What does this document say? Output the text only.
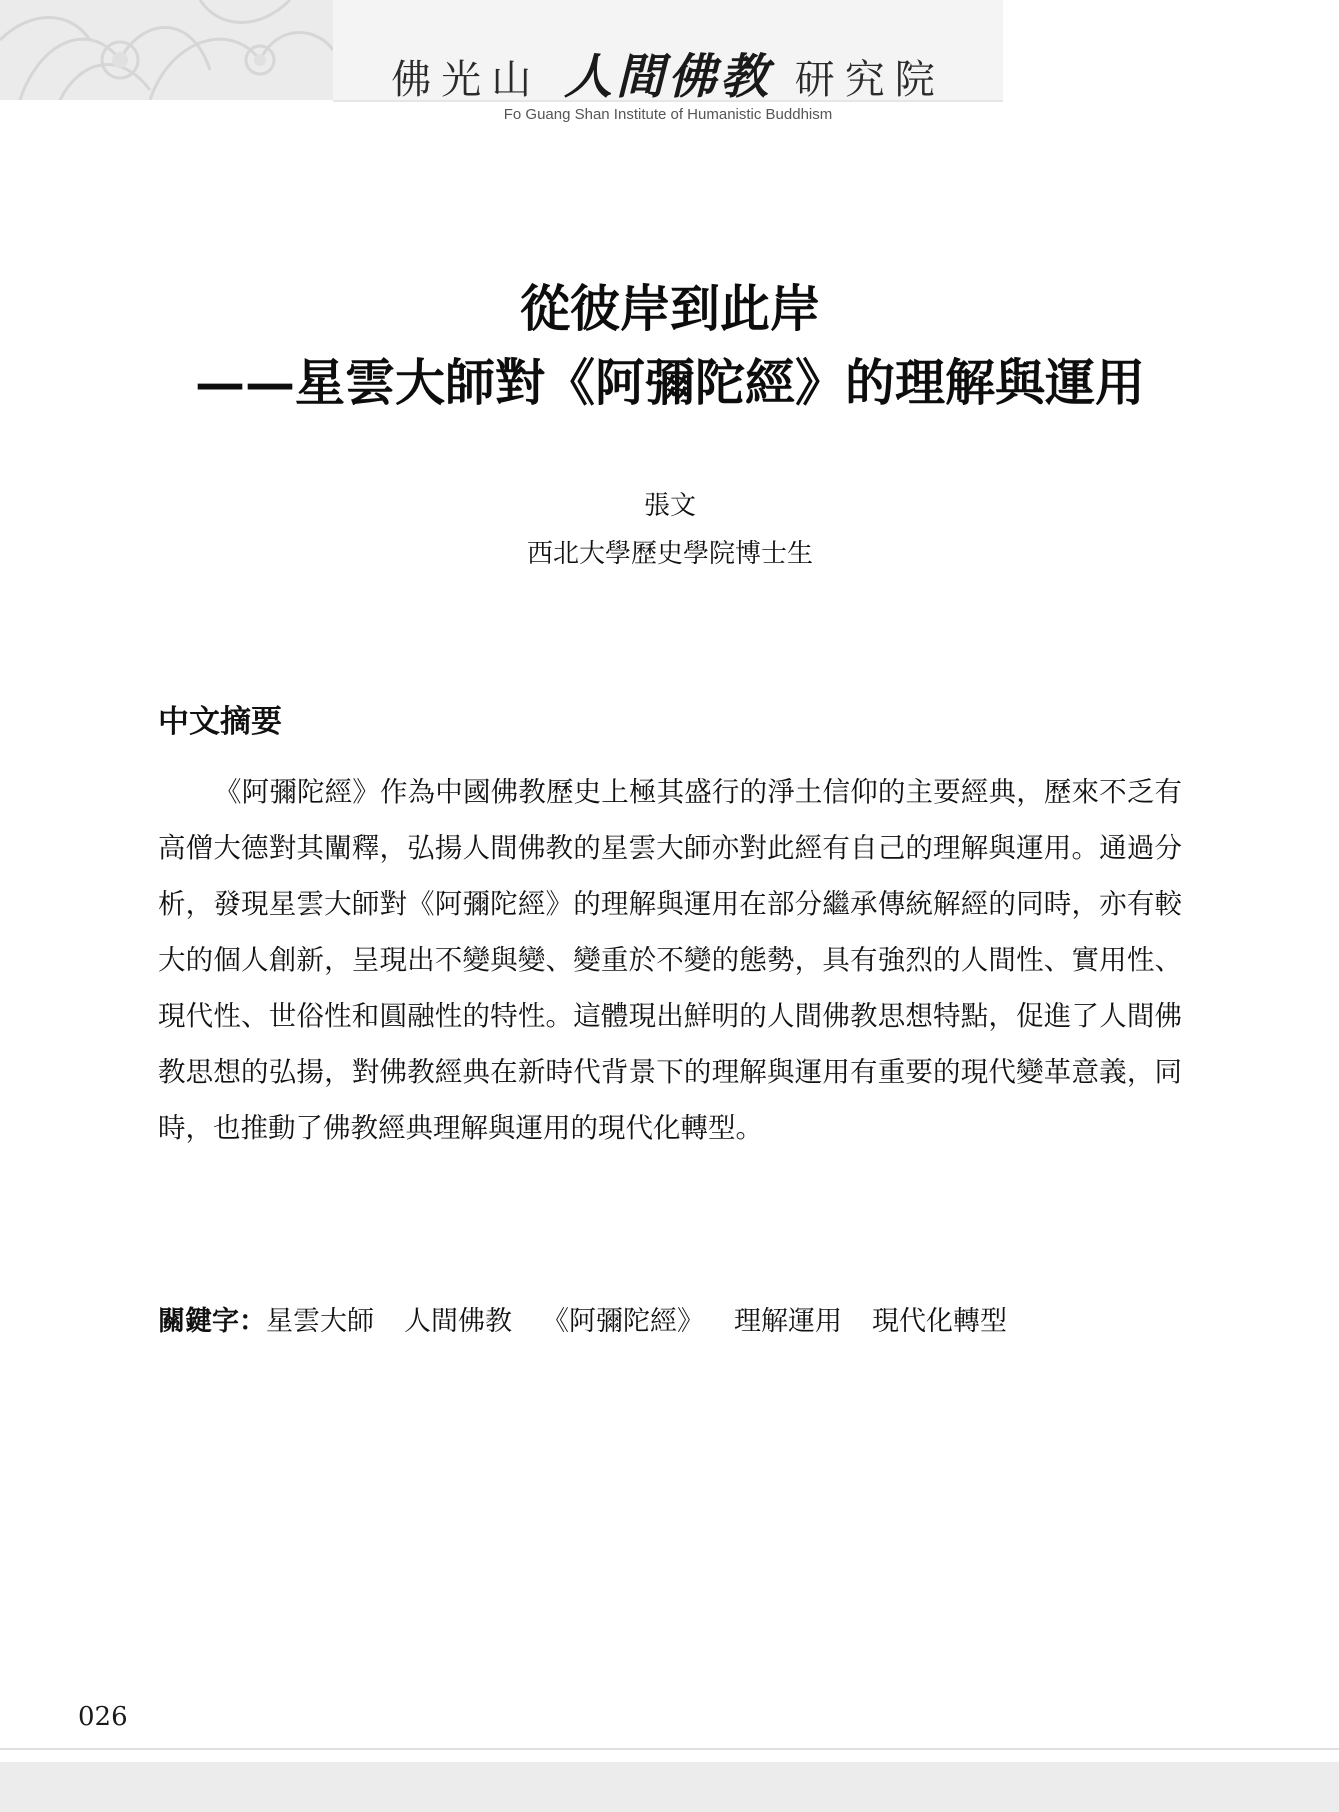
佛光山 人間佛教 研究院
Fo Guang Shan Institute of Humanistic Buddhism
從彼岸到此岸
——星雲大師對《阿彌陀經》的理解與運用
張文
西北大學歷史學院博士生
中文摘要
《阿彌陀經》作為中國佛教歷史上極其盛行的淨土信仰的主要經典，歷來不乏有高僧大德對其闡釋，弘揚人間佛教的星雲大師亦對此經有自己的理解與運用。通過分析，發現星雲大師對《阿彌陀經》的理解與運用在部分繼承傳統解經的同時，亦有較大的個人創新，呈現出不變與變、變重於不變的態勢，具有強烈的人間性、實用性、現代性、世俗性和圓融性的特性。這體現出鮮明的人間佛教思想特點，促進了人間佛教思想的弘揚，對佛教經典在新時代背景下的理解與運用有重要的現代變革意義，同時，也推動了佛教經典理解與運用的現代化轉型。
關鍵字：星雲大師 人間佛教 《阿彌陀經》 理解運用 現代化轉型
026
